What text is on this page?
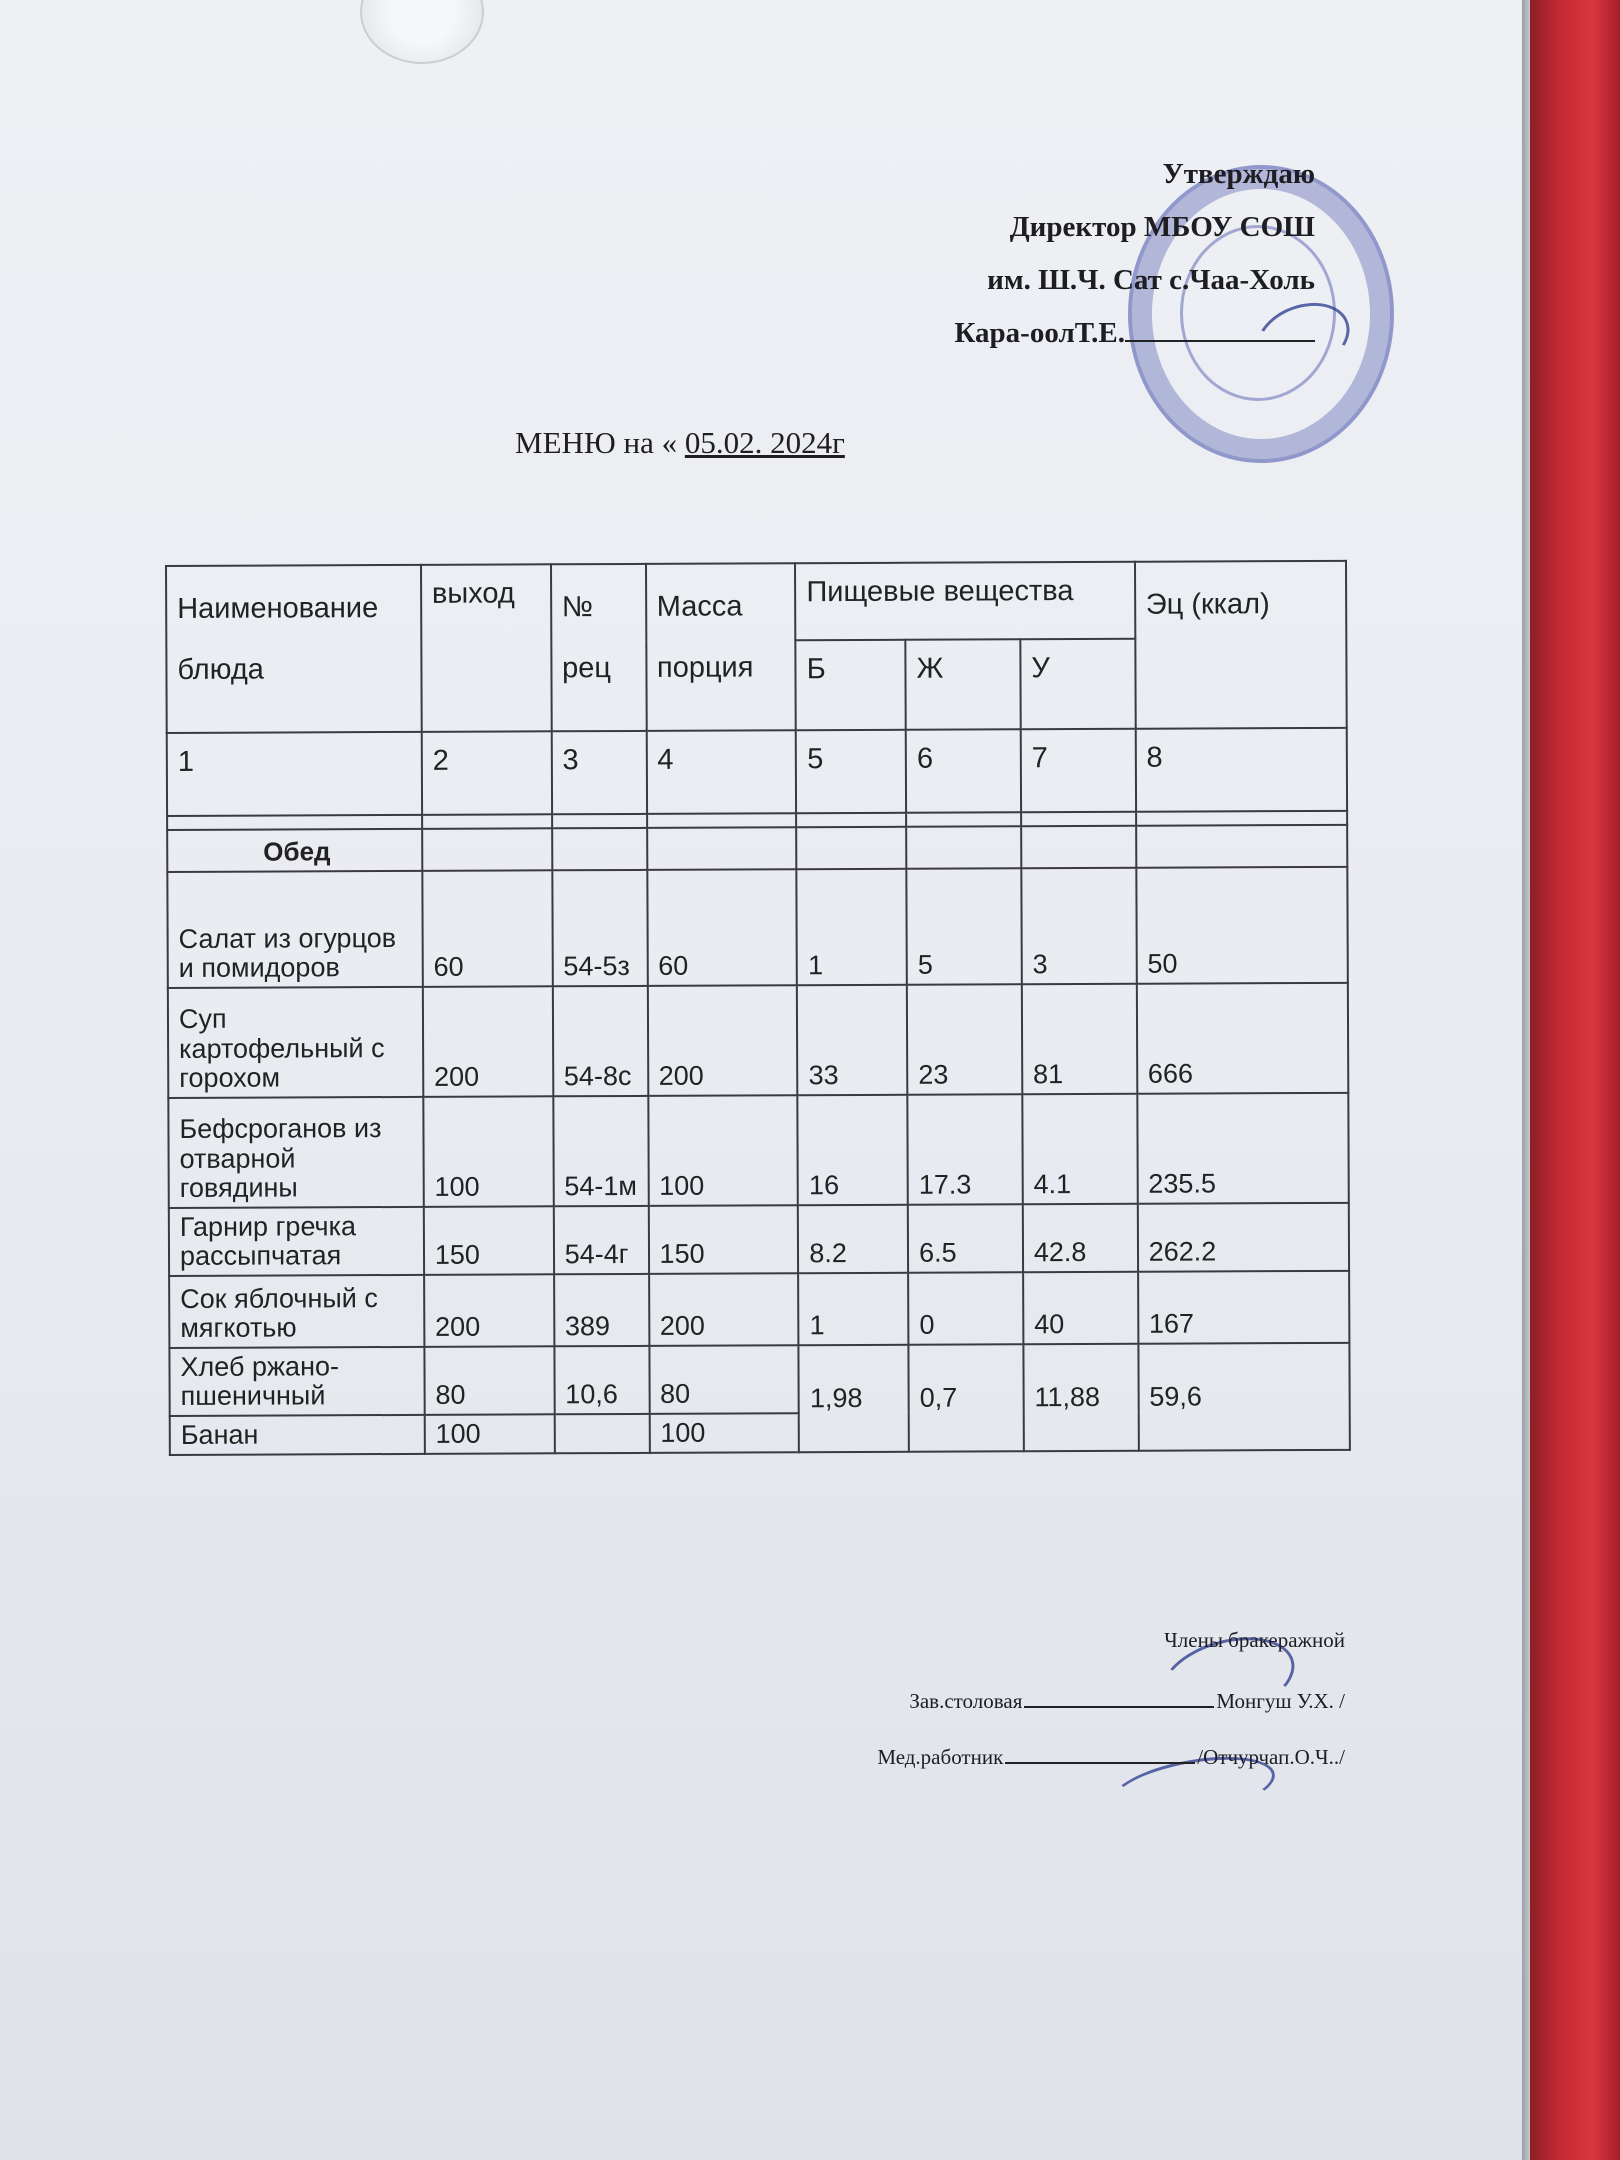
Утверждаю
Директор МБОУ СОШ
им. Ш.Ч. Сат с.Чаа-Холь
Кара-оолТ.Е.
МЕНЮ на « 05.02. 2024г
Наименование блюда	выход	№ рец	Масса порция	Пищевые вещества			Эц (ккал)
				Б	Ж	У	
1	2	3	4	5	6	7	8

Обед							
Салат из огурцов и помидоров	60	54-5з	60	1	5	3	50
Суп картофельный с горохом	200	54-8с	200	33	23	81	666
Бефсроганов из отварной говядины	100	54-1м	100	16	17.3	4.1	235.5
Гарнир гречка рассыпчатая	150	54-4г	150	8.2	6.5	42.8	262.2
Сок яблочный с мягкотью	200	389	200	1	0	40	167
Хлеб ржано-пшеничный	80	10,6	80	1,98	0,7	11,88	59,6
Банан	100		100				
Члены бракеражной
Зав.столовая	Монгуш У.Х. /
Мед.работник	/Отчурчап.О.Ч../
